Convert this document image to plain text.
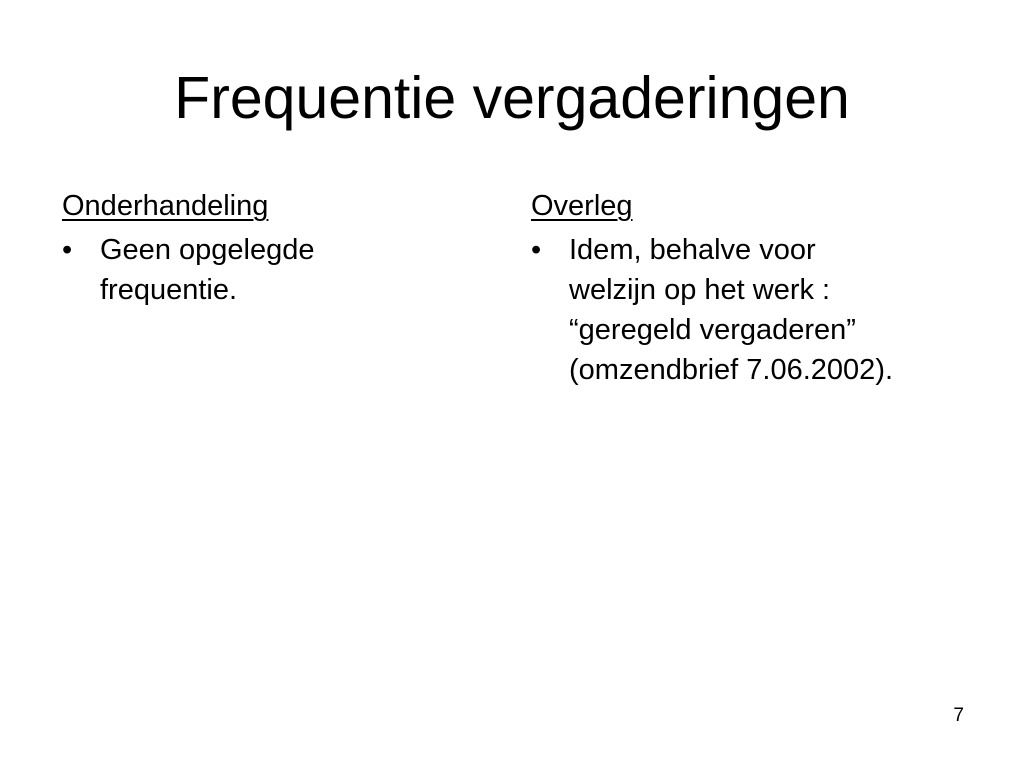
Frequentie vergaderingen
Onderhandeling
• Geen opgelegde
frequentie.
Overleg
• Idem, behalve voor
welzijn op het werk :
“geregeld vergaderen”
(omzendbrief 7.06.2002).
7
